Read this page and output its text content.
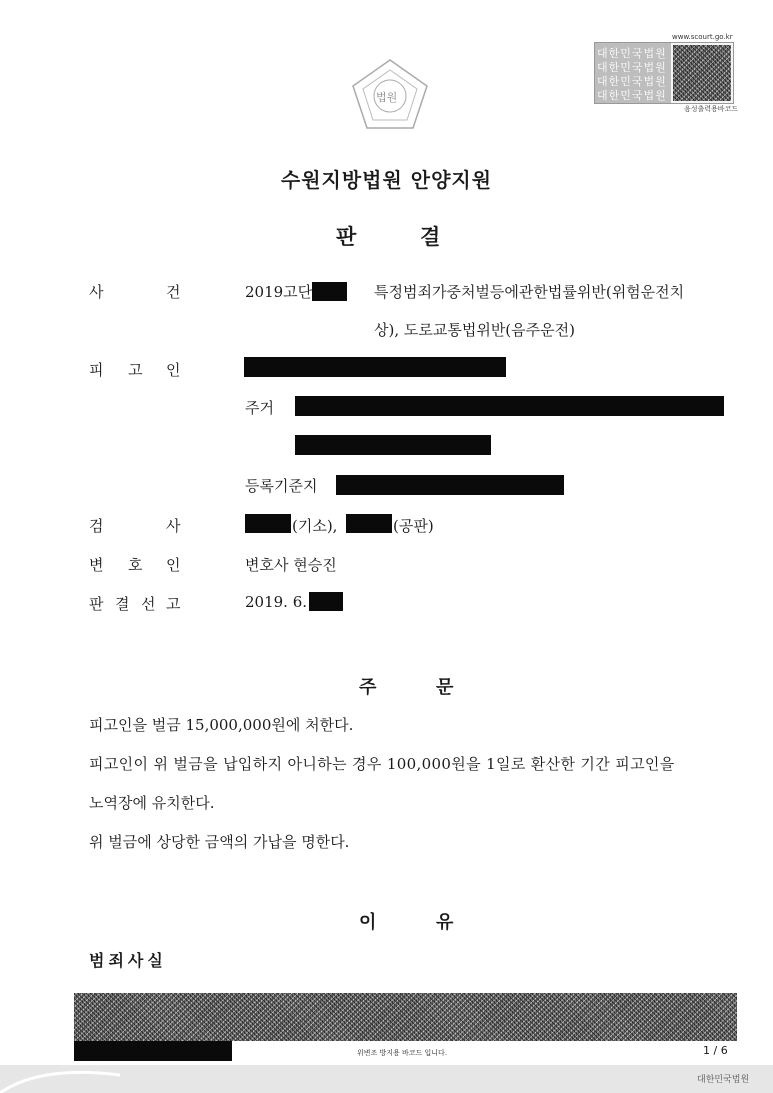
법원
www.scourt.go.kr
대한민국법원
대한민국법원
대한민국법원
대한민국법원
음성출력용바코드
수원지방법원 안양지원
판	결
사	건	2019고단	특정범죄가중처벌등에관한법률위반(위험운전치
상), 도로교통법위반(음주운전)
피 고 인
주거
등록기준지
검	사	(기소),	(공판)
변 호 인	변호사 현승진
판 결 선 고	2019. 6.
주	문
피고인을 벌금 15,000,000원에 처한다.
피고인이 위 벌금을 납입하지 아니하는 경우 100,000원을 1일로 환산한 기간 피고인을
노역장에 유치한다.
위 벌금에 상당한 금액의 가납을 명한다.
이	유
범죄사실
위변조 방지용 바코드 입니다.	1 / 6
대한민국법원
